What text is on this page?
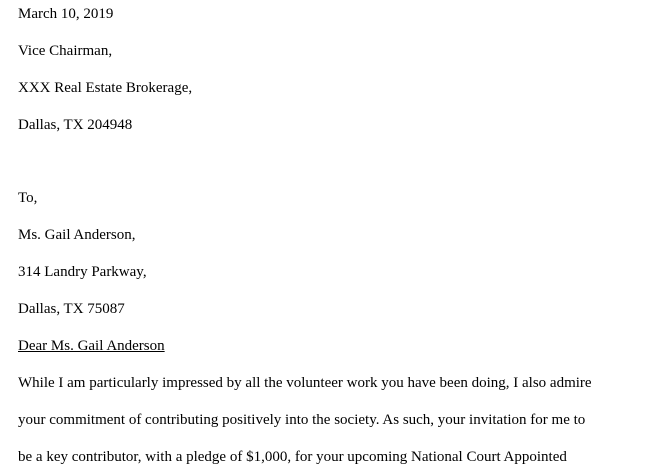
March 10, 2019
Vice Chairman,
XXX Real Estate Brokerage,
Dallas, TX 204948
To,
Ms. Gail Anderson,
314 Landry Parkway,
Dallas, TX 75087
Dear Ms. Gail Anderson
While I am particularly impressed by all the volunteer work you have been doing, I also admire
your commitment of contributing positively into the society. As such, your invitation for me to
be a key contributor, with a pledge of $1,000, for your upcoming National Court Appointed
